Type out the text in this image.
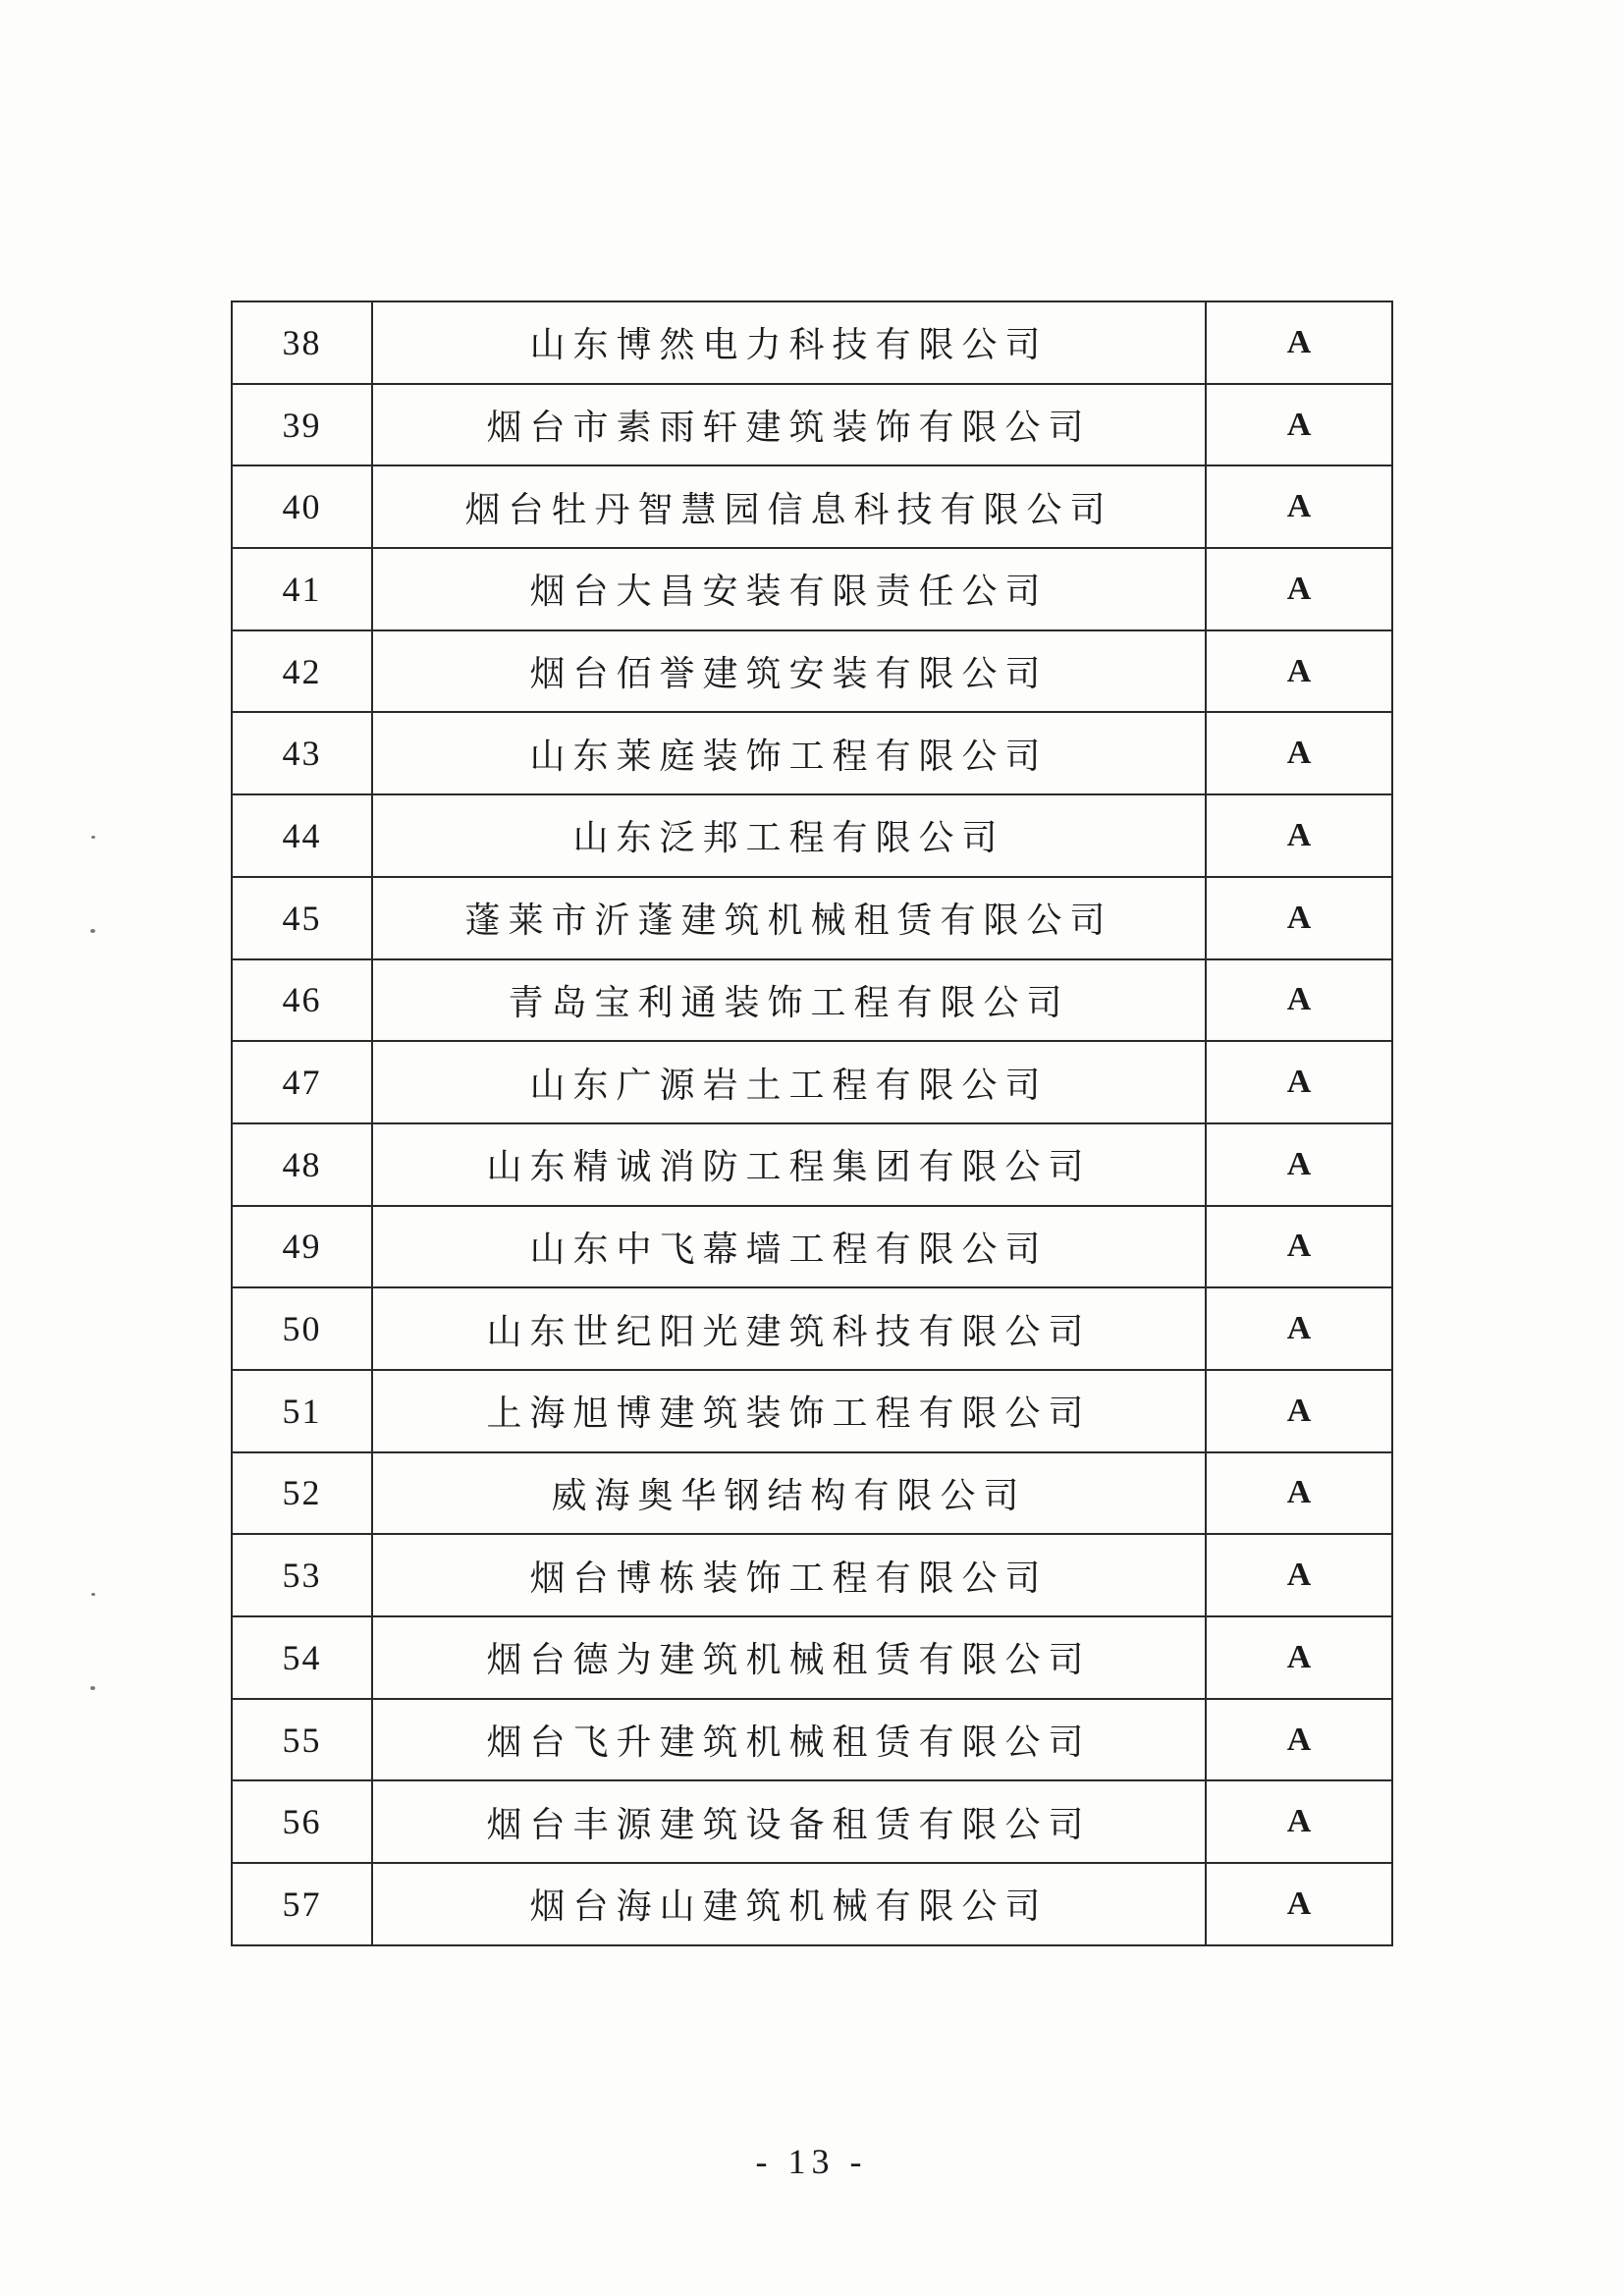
38	山东博然电力科技有限公司	A
39	烟台市素雨轩建筑装饰有限公司	A
40	烟台牡丹智慧园信息科技有限公司	A
41	烟台大昌安装有限责任公司	A
42	烟台佰誉建筑安装有限公司	A
43	山东莱庭装饰工程有限公司	A
44	山东泛邦工程有限公司	A
45	蓬莱市沂蓬建筑机械租赁有限公司	A
46	青岛宝利通装饰工程有限公司	A
47	山东广源岩土工程有限公司	A
48	山东精诚消防工程集团有限公司	A
49	山东中飞幕墙工程有限公司	A
50	山东世纪阳光建筑科技有限公司	A
51	上海旭博建筑装饰工程有限公司	A
52	威海奥华钢结构有限公司	A
53	烟台博栋装饰工程有限公司	A
54	烟台德为建筑机械租赁有限公司	A
55	烟台飞升建筑机械租赁有限公司	A
56	烟台丰源建筑设备租赁有限公司	A
57	烟台海山建筑机械有限公司	A
- 13 -
